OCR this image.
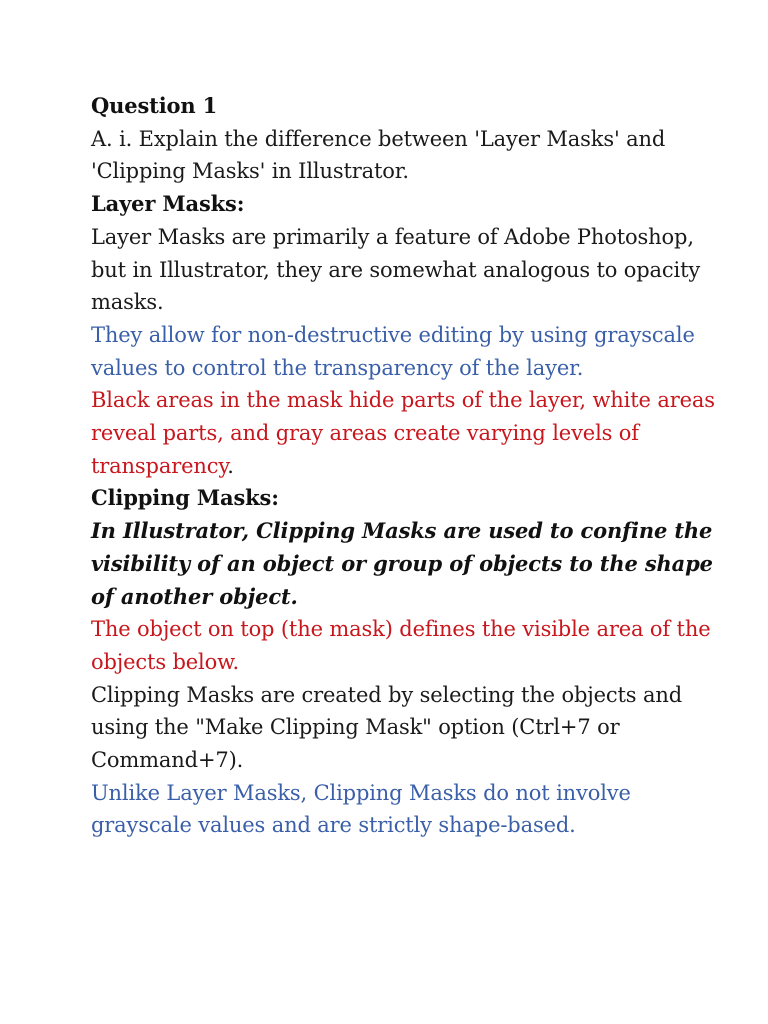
Question 1

A. i. Explain the difference between 'Layer Masks' and 'Clipping Masks' in Illustrator.

Layer Masks:

Layer Masks are primarily a feature of Adobe Photoshop, but in Illustrator, they are somewhat analogous to opacity masks.

They allow for non-destructive editing by using grayscale values to control the transparency of the layer.

Black areas in the mask hide parts of the layer, white areas reveal parts, and gray areas create varying levels of transparency.

Clipping Masks:

In Illustrator, Clipping Masks are used to confine the visibility of an object or group of objects to the shape of another object.

The object on top (the mask) defines the visible area of the objects below.

Clipping Masks are created by selecting the objects and using the "Make Clipping Mask" option (Ctrl+7 or Command+7).

Unlike Layer Masks, Clipping Masks do not involve grayscale values and are strictly shape-based.
